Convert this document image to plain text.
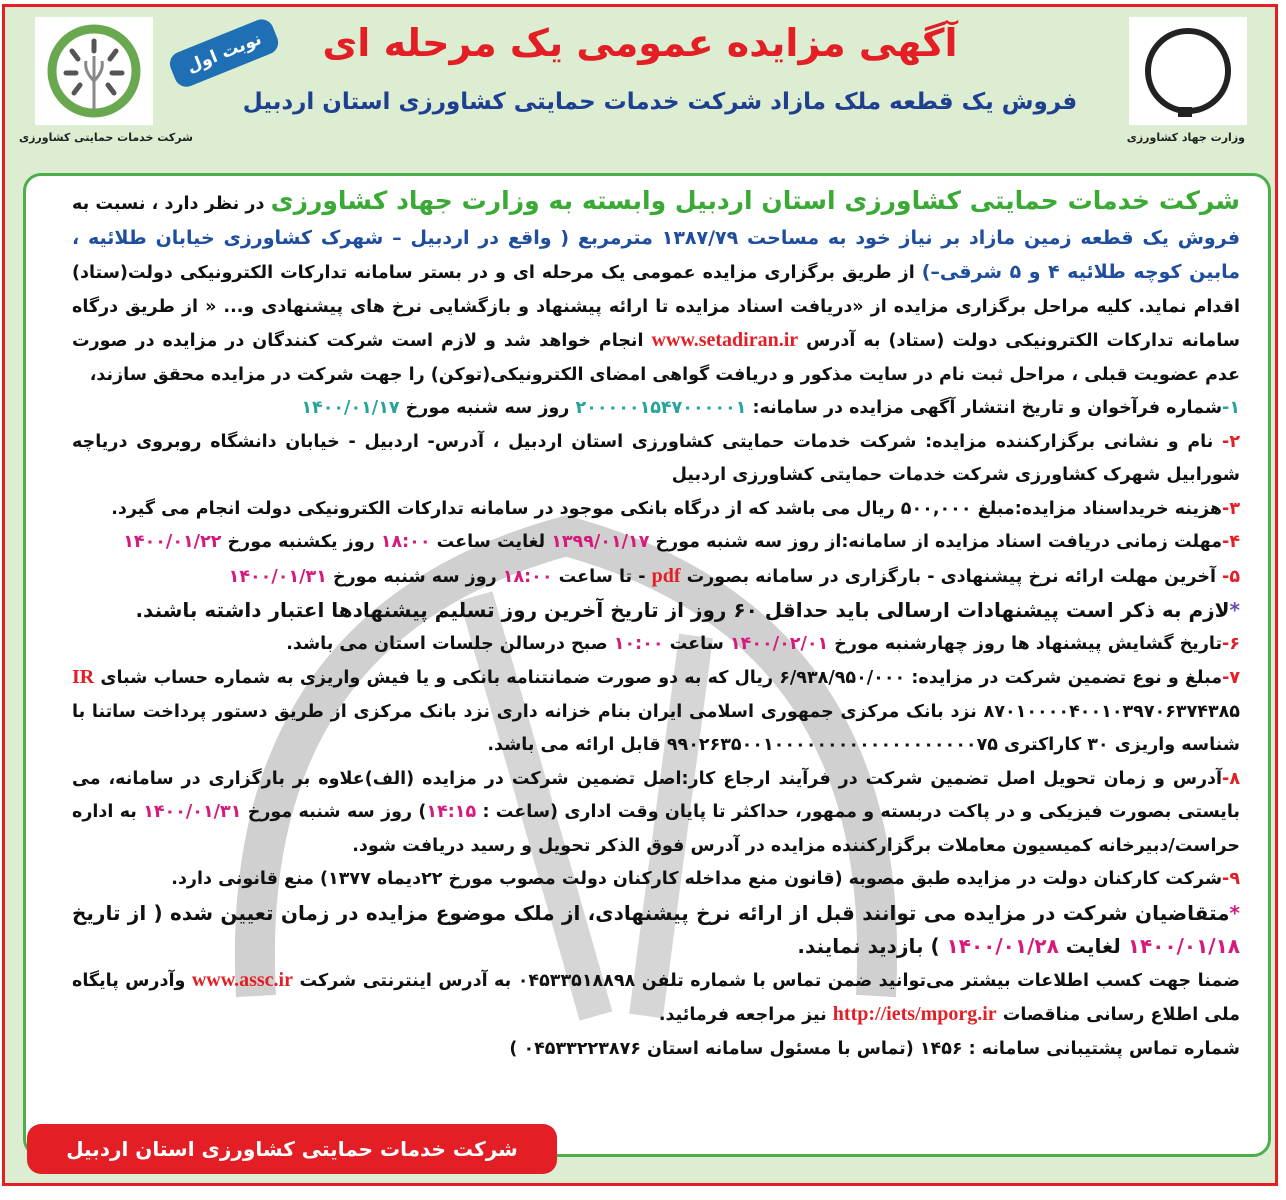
شرکت خدمات حمایتی کشاورزی
نوبت اول	آگهی مزایده عمومی یک مرحله ای
فروش یک قطعه ملک مازاد شرکت خدمات حمایتی کشاورزی استان اردبیل
وزارت جهاد کشاورزی

شرکت خدمات حمایتی کشاورزی استان اردبیل وابسته به وزارت جهاد کشاورزی در نظر دارد ، نسبت به فروش یک قطعه زمین مازاد بر نیاز خود به مساحت ۱۳۸۷/۷۹ مترمربع ( واقع در اردبیل – شهرک کشاورزی خیابان طلائیه ، مابین کوچه طلائیه ۴ و ۵ شرقی–) از طریق برگزاری مزایده عمومی یک مرحله ای و در بستر سامانه تدارکات الکترونیکی دولت(ستاد) اقدام نماید. کلیه مراحل برگزاری مزایده از «دریافت اسناد مزایده تا ارائه پیشنهاد و بازگشایی نرخ های پیشنهادی و... « از طریق درگاه سامانه تدارکات الکترونیکی دولت (ستاد) به آدرس www.setadiran.ir انجام خواهد شد و لازم است شرکت کنندگان در مزایده در صورت عدم عضویت قبلی ، مراحل ثبت نام در سایت مذکور و دریافت گواهی امضای الکترونیکی(توکن) را جهت شرکت در مزایده محقق سازند،

۱-شماره فرآخوان و تاریخ انتشار آگهی مزایده در سامانه: ۲۰۰۰۰۰۱۵۴۷۰۰۰۰۰۱ روز سه شنبه مورخ ۱۴۰۰/۰۱/۱۷

۲- نام و نشانی برگزارکننده مزایده: شرکت خدمات حمایتی کشاورزی استان اردبیل ، آدرس- اردبیل - خیابان دانشگاه روبروی دریاچه شورابیل شهرک کشاورزی شرکت خدمات حمایتی کشاورزی اردبیل

۳-هزینه خریداسناد مزایده:مبلغ ۵۰۰,۰۰۰ ریال می باشد که از درگاه بانکی موجود در سامانه تدارکات الکترونیکی دولت انجام می گیرد.

۴-مهلت زمانی دریافت اسناد مزایده از سامانه:از روز سه شنبه مورخ ۱۳۹۹/۰۱/۱۷ لغایت ساعت ۱۸:۰۰ روز یکشنبه مورخ ۱۴۰۰/۰۱/۲۲

۵- آخرین مهلت ارائه نرخ پیشنهادی - بارگزاری در سامانه بصورت pdf - تا ساعت ۱۸:۰۰ روز سه شنبه مورخ ۱۴۰۰/۰۱/۳۱

*لازم به ذکر است پیشنهادات ارسالی باید حداقل ۶۰ روز از تاریخ آخرین روز تسلیم پیشنهادها اعتبار داشته باشند.

۶-تاریخ گشایش پیشنهاد ها روز چهارشنبه مورخ ۱۴۰۰/۰۲/۰۱ ساعت ۱۰:۰۰ صبح درسالن جلسات استان می باشد.

۷-مبلغ و نوع تضمین شرکت در مزایده: ۶/۹۳۸/۹۵۰/۰۰۰ ریال که به دو صورت ضمانتنامه بانکی و یا فیش واریزی به شماره حساب شبای IR ۸۷۰۱۰۰۰۰۴۰۰۱۰۳۹۷۰۶۳۷۴۳۸۵ نزد بانک مرکزی جمهوری اسلامی ایران بنام خزانه داری نزد بانک مرکزی از طریق دستور پرداخت ساتنا با شناسه واریزی ۳۰ کاراکتری ۹۹۰۲۶۳۵۰۰۱۰۰۰۰۰۰۰۰۰۰۰۰۰۰۰۰۰۰۰۷۵ قابل ارائه می باشد.

۸-آدرس و زمان تحویل اصل تضمین شرکت در فرآیند ارجاع کار:اصل تضمین شرکت در مزایده (الف)علاوه بر بارگزاری در سامانه، می بایستی بصورت فیزیکی و در پاکت دربسته و ممهور، حداکثر تا پایان وقت اداری (ساعت : ۱۴:۱۵) روز سه شنبه مورخ ۱۴۰۰/۰۱/۳۱ به اداره حراست/دبیرخانه کمیسیون معاملات برگزارکننده مزایده در آدرس فوق الذکر تحویل و رسید دریافت شود.

۹-شرکت کارکنان دولت در مزایده طبق مصوبه (قانون منع مداخله کارکنان دولت مصوب مورخ ۲۲دیماه ۱۳۷۷) منع قانونی دارد.

*متقاضیان شرکت در مزایده می توانند قبل از ارائه نرخ پیشنهادی، از ملک موضوع مزایده در زمان تعیین شده ( از تاریخ ۱۴۰۰/۰۱/۱۸ لغایت ۱۴۰۰/۰۱/۲۸ ) بازدید نمایند.

ضمنا جهت کسب اطلاعات بیشتر می‌توانید ضمن تماس با شماره تلفن ۰۴۵۳۳۵۱۸۸۹۸ به آدرس اینترنتی شرکت www.assc.ir وآدرس پایگاه ملی اطلاع رسانی مناقصات http://iets/mporg.ir نیز مراجعه فرمائید.

شماره تماس پشتیبانی سامانه : ۱۴۵۶ (تماس با مسئول سامانه استان ۰۴۵۳۳۲۲۳۸۷۶ )

شرکت خدمات حمایتی کشاورزی استان اردبیل
